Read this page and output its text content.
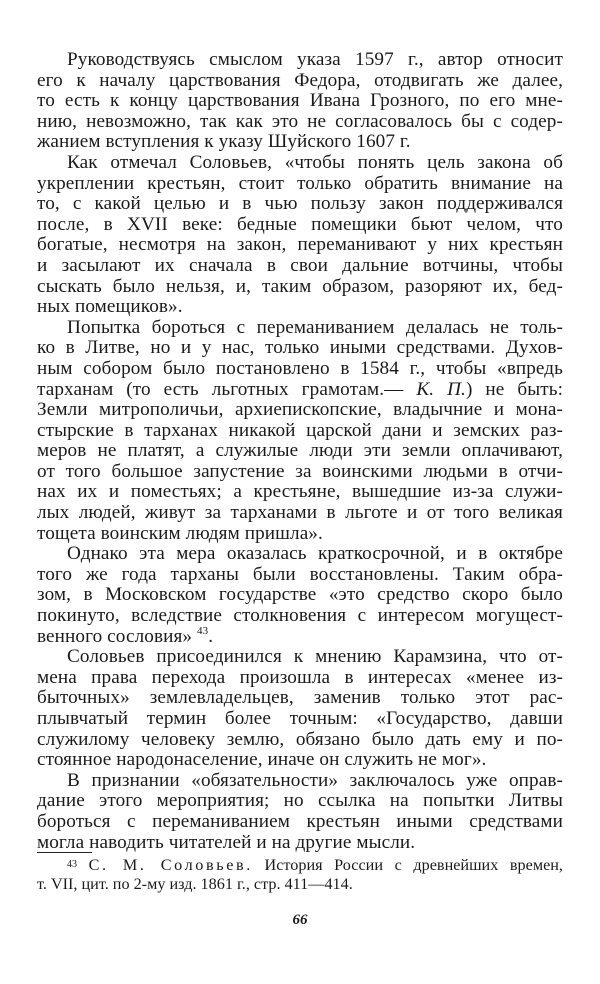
Руководствуясь смыслом указа 1597 г., автор относит
его к началу царствования Федора, отодвигать же далее,
то есть к концу царствования Ивана Грозного, по его мне-
нию, невозможно, так как это не согласовалось бы с содер-
жанием вступления к указу Шуйского 1607 г.
Как отмечал Соловьев, «чтобы понять цель закона об
укреплении крестьян, стоит только обратить внимание на
то, с какой целью и в чью пользу закон поддерживался
после, в XVII веке: бедные помещики бьют челом, что
богатые, несмотря на закон, переманивают у них крестьян
и засылают их сначала в свои дальние вотчины, чтобы
сыскать было нельзя, и, таким образом, разоряют их, бед-
ных помещиков».
Попытка бороться с переманиванием делалась не толь-
ко в Литве, но и у нас, только иными средствами. Духов-
ным собором было постановлено в 1584 г., чтобы «впредь
тарханам (то есть льготных грамотам.— К. П.) не быть:
Земли митрополичьи, архиепископские, владычние и мона-
стырские в тарханах никакой царской дани и земских раз-
меров не платят, а служилые люди эти земли оплачивают,
от того большое запустение за воинскими людьми в отчи-
нах их и поместьях; а крестьяне, вышедшие из-за служи-
лых людей, живут за тарханами в льготе и от того великая
тощета воинским людям пришла».
Однако эта мера оказалась краткосрочной, и в октябре
того же года тарханы были восстановлены. Таким обра-
зом, в Московском государстве «это средство скоро было
покинуто, вследствие столкновения с интересом могущест-
венного сословия» $^{43}$.
Соловьев присоединился к мнению Карамзина, что от-
мена права перехода произошла в интересах «менее из-
быточных» землевладельцев, заменив только этот рас-
плывчатый термин более точным: «Государство, давши
служилому человеку землю, обязано было дать ему и по-
стоянное народонаселение, иначе он служить не мог».
В признании «обязательности» заключалось уже оправ-
дание этого мероприятия; но ссылка на попытки Литвы
бороться с переманиванием крестьян иными средствами
могла наводить читателей и на другие мысли.
$^{43}$ С. М. Соловьев. История России с древнейших времен,
т. VII, цит. по 2-му изд. 1861 г., стр. 411—414.
66
